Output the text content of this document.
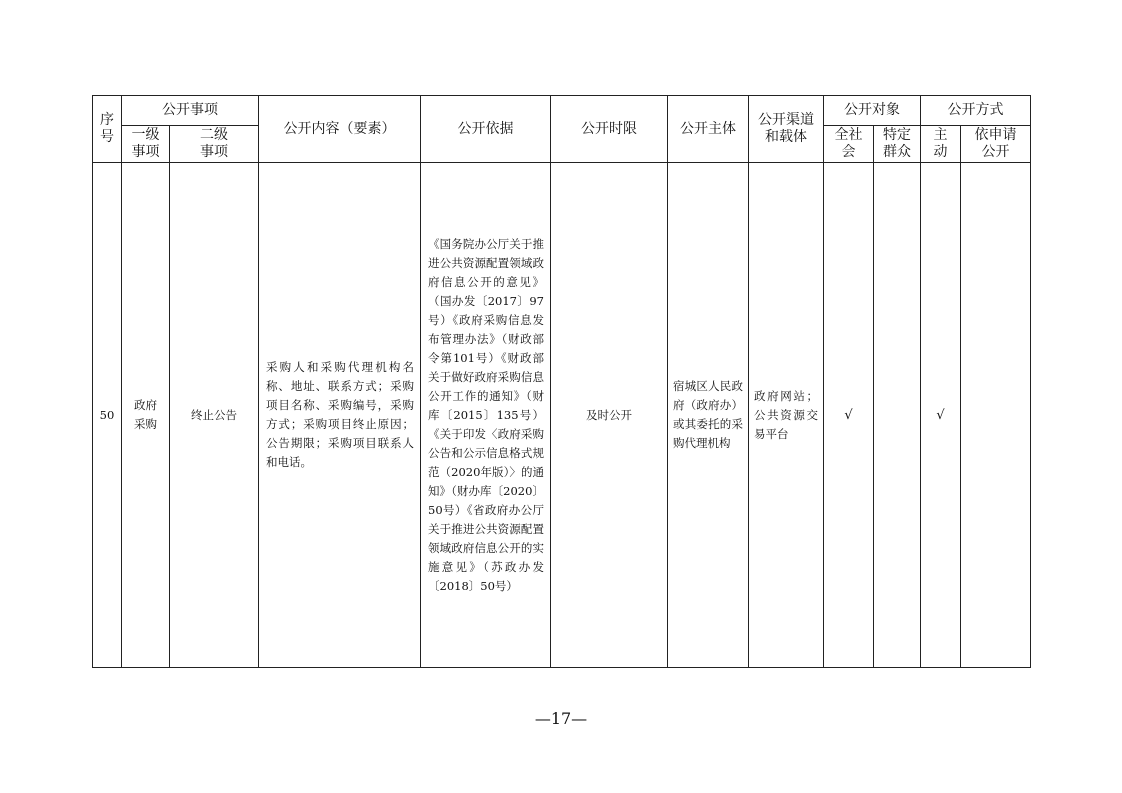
序号	公开事项		公开内容（要素）	公开依据	公开时限	公开主体	公开渠道和载体	公开对象		公开方式	
	一级事项	二级事项						全社会	特定群众	主动	依申请公开
50	政府采购	终止公告	采购人和采购代理机构名称、地址、联系方式；采购项目名称、采购编号，采购方式；采购项目终止原因；公告期限；采购项目联系人和电话。	《国务院办公厅关于推进公共资源配置领域政府信息公开的意见》（国办发〔2017〕97号）《政府采购信息发布管理办法》（财政部令第101号）《财政部关于做好政府采购信息公开工作的通知》（财库〔2015〕135号）《关于印发〈政府采购公告和公示信息格式规范（2020年版）〉的通知》（财办库〔2020〕50号）《省政府办公厅关于推进公共资源配置领域政府信息公开的实施意见》（苏政办发〔2018〕50号）	及时公开	宿城区人民政府（政府办）或其委托的采购代理机构	政府网站；公共资源交易平台	√		√	
—17—
